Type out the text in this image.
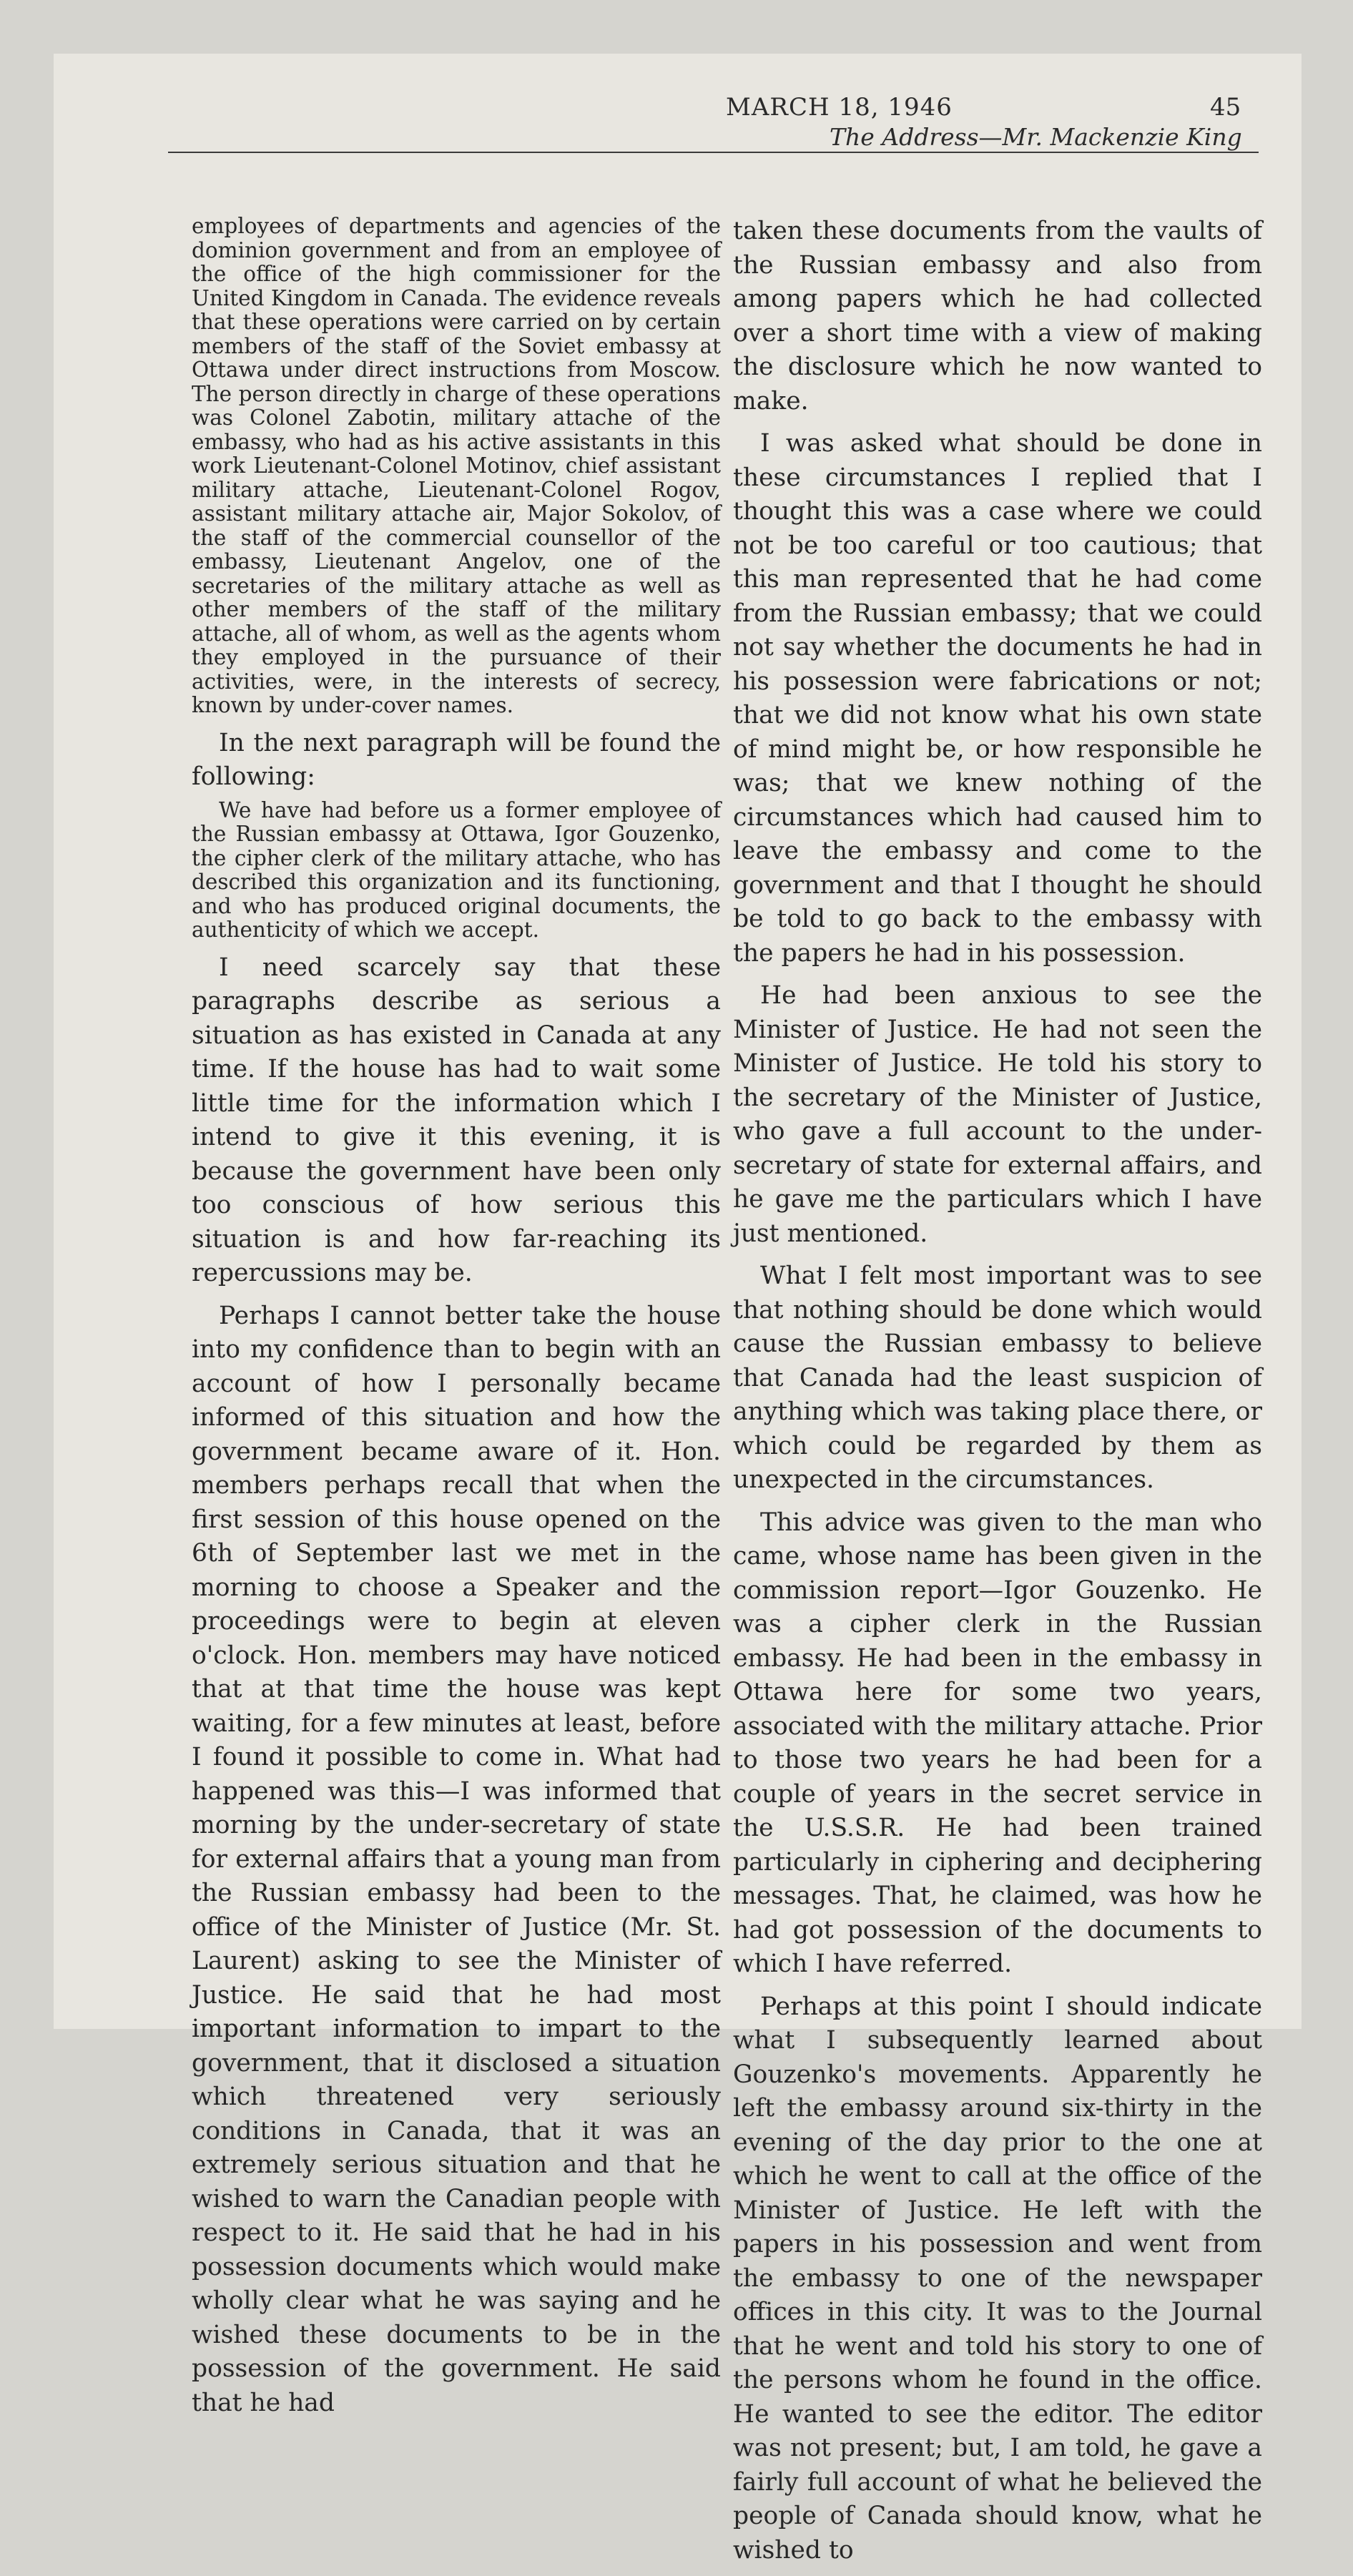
MARCH 18, 1946	45
The Address—Mr. Mackenzie King

employees of departments and agencies of the dominion government and from an employee of the office of the high commissioner for the United Kingdom in Canada. The evidence reveals that these operations were carried on by certain members of the staff of the Soviet embassy at Ottawa under direct instructions from Moscow. The person directly in charge of these operations was Colonel Zabotin, military attache of the embassy, who had as his active assistants in this work Lieutenant-Colonel Motinov, chief assistant military attache, Lieutenant-Colonel Rogov, assistant military attache air, Major Sokolov, of the staff of the commercial counsellor of the embassy, Lieutenant Angelov, one of the secretaries of the military attache as well as other members of the staff of the military attache, all of whom, as well as the agents whom they employed in the pursuance of their activities, were, in the interests of secrecy, known by under-cover names.

In the next paragraph will be found the following:

We have had before us a former employee of the Russian embassy at Ottawa, Igor Gouzenko, the cipher clerk of the military attache, who has described this organization and its functioning, and who has produced original documents, the authenticity of which we accept.

I need scarcely say that these paragraphs describe as serious a situation as has existed in Canada at any time. If the house has had to wait some little time for the information which I intend to give it this evening, it is because the government have been only too conscious of how serious this situation is and how far-reaching its repercussions may be.

Perhaps I cannot better take the house into my confidence than to begin with an account of how I personally became informed of this situation and how the government became aware of it. Hon. members perhaps recall that when the first session of this house opened on the 6th of September last we met in the morning to choose a Speaker and the proceedings were to begin at eleven o'clock. Hon. members may have noticed that at that time the house was kept waiting, for a few minutes at least, before I found it possible to come in. What had happened was this—I was informed that morning by the under-secretary of state for external affairs that a young man from the Russian embassy had been to the office of the Minister of Justice (Mr. St. Laurent) asking to see the Minister of Justice. He said that he had most important information to impart to the government, that it disclosed a situation which threatened very seriously conditions in Canada, that it was an extremely serious situation and that he wished to warn the Canadian people with respect to it. He said that he had in his possession documents which would make wholly clear what he was saying and he wished these documents to be in the possession of the government. He said that he had

taken these documents from the vaults of the Russian embassy and also from among papers which he had collected over a short time with a view of making the disclosure which he now wanted to make.

I was asked what should be done in these circumstances I replied that I thought this was a case where we could not be too careful or too cautious; that this man represented that he had come from the Russian embassy; that we could not say whether the documents he had in his possession were fabrications or not; that we did not know what his own state of mind might be, or how responsible he was; that we knew nothing of the circumstances which had caused him to leave the embassy and come to the government and that I thought he should be told to go back to the embassy with the papers he had in his possession.

He had been anxious to see the Minister of Justice. He had not seen the Minister of Justice. He told his story to the secretary of the Minister of Justice, who gave a full account to the under-secretary of state for external affairs, and he gave me the particulars which I have just mentioned.

What I felt most important was to see that nothing should be done which would cause the Russian embassy to believe that Canada had the least suspicion of anything which was taking place there, or which could be regarded by them as unexpected in the circumstances.

This advice was given to the man who came, whose name has been given in the commission report—Igor Gouzenko. He was a cipher clerk in the Russian embassy. He had been in the embassy in Ottawa here for some two years, associated with the military attache. Prior to those two years he had been for a couple of years in the secret service in the U.S.S.R. He had been trained particularly in ciphering and deciphering messages. That, he claimed, was how he had got possession of the documents to which I have referred.

Perhaps at this point I should indicate what I subsequently learned about Gouzenko's movements. Apparently he left the embassy around six-thirty in the evening of the day prior to the one at which he went to call at the office of the Minister of Justice. He left with the papers in his possession and went from the embassy to one of the newspaper offices in this city. It was to the Journal that he went and told his story to one of the persons whom he found in the office. He wanted to see the editor. The editor was not present; but, I am told, he gave a fairly full account of what he believed the people of Canada should know, what he wished to
